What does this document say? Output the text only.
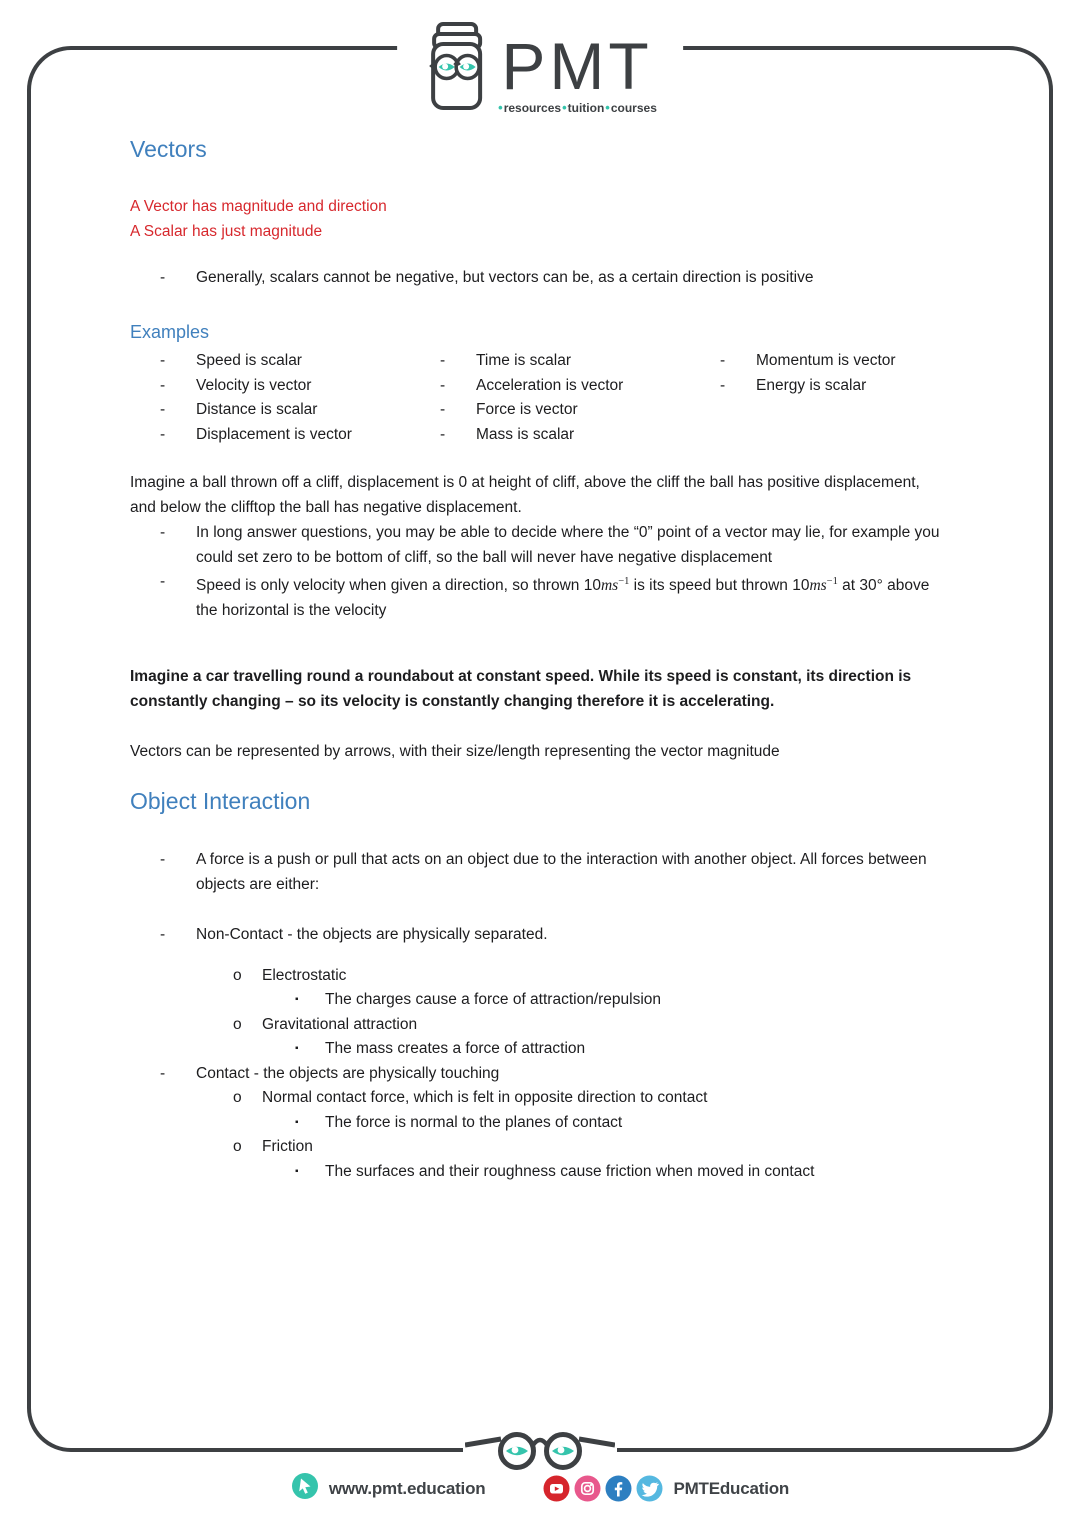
PMT
•resources•tuition•courses
Vectors
A Vector has magnitude and direction
A Scalar has just magnitude
-	Generally, scalars cannot be negative, but vectors can be, as a certain direction is positive
Examples
-	Speed is scalar
-	Velocity is vector
-	Distance is scalar
-	Displacement is vector
-	Time is scalar
-	Acceleration is vector
-	Force is vector
-	Mass is scalar
-	Momentum is vector
-	Energy is scalar
Imagine a ball thrown off a cliff, displacement is 0 at height of cliff, above the cliff the ball has positive displacement, and below the clifftop the ball has negative displacement.
-	In long answer questions, you may be able to decide where the “0” point of a vector may lie, for example you could set zero to be bottom of cliff, so the ball will never have negative displacement
-	Speed is only velocity when given a direction, so thrown $10ms^{-1}$ is its speed but thrown $10ms^{-1}$ at 30° above the horizontal is the velocity
Imagine a car travelling round a roundabout at constant speed. While its speed is constant, its direction is constantly changing – so its velocity is constantly changing therefore it is accelerating.
Vectors can be represented by arrows, with their size/length representing the vector magnitude
Object Interaction
-	A force is a push or pull that acts on an object due to the interaction with another object. All forces between objects are either:
-	Non-Contact - the objects are physically separated.
o	Electrostatic
▪	The charges cause a force of attraction/repulsion
o	Gravitational attraction
▪	The mass creates a force of attraction
-	Contact - the objects are physically touching
o	Normal contact force, which is felt in opposite direction to contact
▪	The force is normal to the planes of contact
o	Friction
▪	The surfaces and their roughness cause friction when moved in contact
www.pmt.education	PMTEducation
